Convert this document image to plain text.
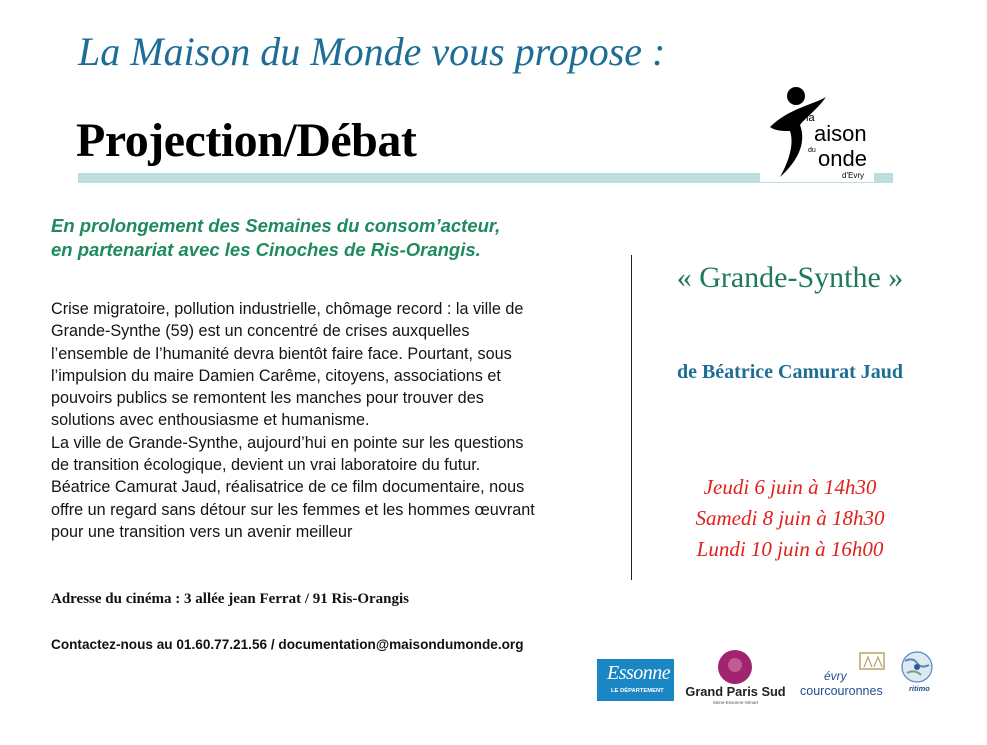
La Maison du Monde vous propose :
Projection/Débat	la
aison
du onde
d'Evry
En prolongement des Semaines du consom’acteur,
en partenariat avec les Cinoches de Ris-Orangis.
Crise migratoire, pollution industrielle, chômage record : la ville de
Grande-Synthe (59) est un concentré de crises auxquelles
l’ensemble de l’humanité devra bientôt faire face. Pourtant, sous
l’impulsion du maire Damien Carême, citoyens, associations et
pouvoirs publics se remontent les manches pour trouver des
solutions avec enthousiasme et humanisme.
La ville de Grande-Synthe, aujourd’hui en pointe sur les questions
de transition écologique, devient un vrai laboratoire du futur.
Béatrice Camurat Jaud, réalisatrice de ce film documentaire, nous
offre un regard sans détour sur les femmes et les hommes œuvrant
pour une transition vers un avenir meilleur
« Grande-Synthe »
de Béatrice Camurat Jaud
Jeudi 6 juin à 14h30
Samedi 8 juin à 18h30
Lundi 10 juin à 16h00
Adresse du cinéma : 3 allée jean Ferrat / 91 Ris-Orangis
Contactez-nous au 01.60.77.21.56 / documentation@maisondumonde.org
Essonne
LE DÉPARTEMENT Grand Paris Sud
Seine-Essonne-Sénart
évry
courcouronnes	ritimo
